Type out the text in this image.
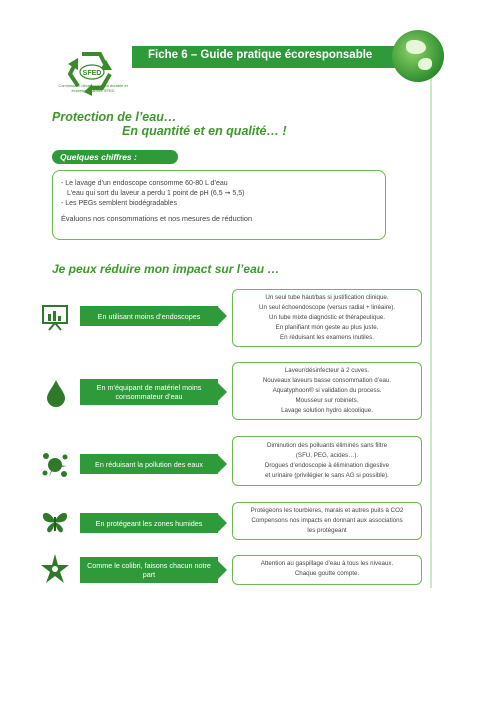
SFED
Commission développement durable et écoresponsabilité SFED
Fiche 6 – Guide pratique écoresponsable
Protection de l’eau…
En quantité et en qualité… !
Quelques chiffres :
- Le lavage d’un endoscope consomme 60-80 L d’eau
L’eau qui sort du laveur a perdu 1 point de pH (6,5 ➞ 5,5)
- Les PEGs semblent biodégradables
Évaluons nos consommations et nos mesures de réduction
Je peux réduire mon impact sur l’eau …
En utilisant moins d’endoscopes
Un seul tube haut/bas si justification clinique.
Un seul échoendoscope (versus radial + linéaire).
Un tube mixte diagnostic et thérapeutique.
En planifiant mon geste au plus juste.
En réduisant les examens inutiles.
En m’équipant de matériel moins consommateur d’eau
Laveur/désinfecteur à 2 cuves.
Nouveaux laveurs basse consommation d’eau.
Aquatyphoon® si validation du process.
Mousseur sur robinets.
Lavage solution hydro alcoolique.
En réduisant la pollution des eaux
Diminution des polluants éliminés sans filtre
(SFU, PEG, acides…).
Drogues d’endoscopie à élimination digestive
et urinaire (privilégier le sans AG si possible).
En protégeant les zones humides
Protégeons les tourbières, marais et autres puits à CO2
Compensons nos impacts en donnant aux associations
les protégeant
Comme le colibri, faisons chacun notre part
Attention au gaspillage d’eau à tous les niveaux.
Chaque goutte compte.
